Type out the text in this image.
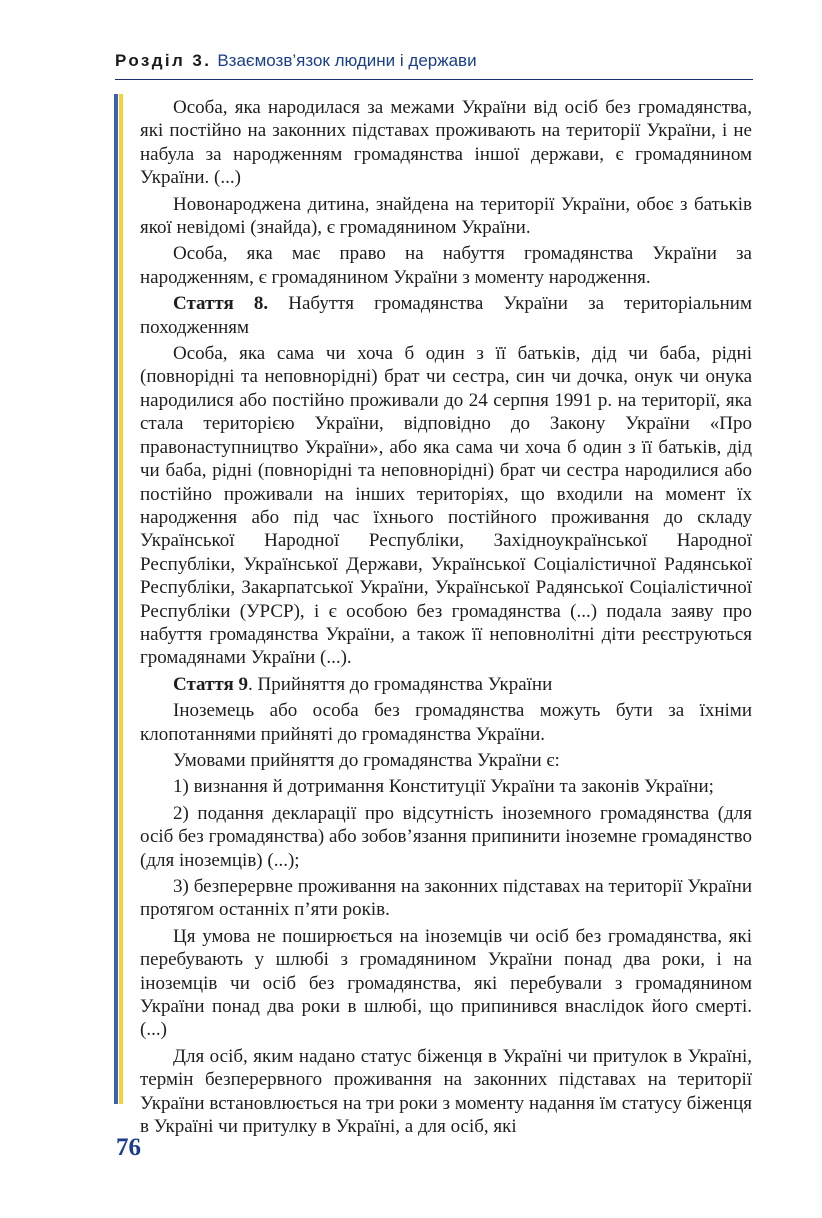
Розділ 3. Взаємозв’язок людини і держави

Особа, яка народилася за межами України від осіб без громадянства, які постійно на законних підставах проживають на території України, і не набула за народженням громадянства іншої держави, є громадянином України. (...)

Новонароджена дитина, знайдена на території України, обоє з батьків якої невідомі (знайда), є громадянином України.

Особа, яка має право на набуття громадянства України за народженням, є громадянином України з моменту народження.

Стаття 8. Набуття громадянства України за територіальним походженням

Особа, яка сама чи хоча б один з її батьків, дід чи баба, рідні (повнорідні та неповнорідні) брат чи сестра, син чи дочка, онук чи онука народилися або постійно проживали до 24 серпня 1991 р. на території, яка стала територією України, відповідно до Закону України «Про правонаступництво України», або яка сама чи хоча б один з її батьків, дід чи баба, рідні (повнорідні та неповнорідні) брат чи сестра народилися або постійно проживали на інших територіях, що входили на момент їх народження або під час їхнього постійного проживання до складу Української Народної Республіки, Західноукраїнської Народної Республіки, Української Держави, Української Соціалістичної Радянської Республіки, Закарпатської України, Української Радянської Соціалістичної Республіки (УРСР), і є особою без громадянства (...) подала заяву про набуття громадянства України, а також її неповнолітні діти реєструються громадянами України (...).

Стаття 9. Прийняття до громадянства України

Іноземець або особа без громадянства можуть бути за їхніми клопотаннями прийняті до громадянства України.

Умовами прийняття до громадянства України є:

1) визнання й дотримання Конституції України та законів України;

2) подання декларації про відсутність іноземного громадянства (для осіб без громадянства) або зобов’язання припинити іноземне громадянство (для іноземців) (...);

3) безперервне проживання на законних підставах на території України протягом останніх п’яти років.

Ця умова не поширюється на іноземців чи осіб без громадянства, які перебувають у шлюбі з громадянином України понад два роки, і на іноземців чи осіб без громадянства, які перебували з громадянином України понад два роки в шлюбі, що припинився внаслідок його смерті. (...)

Для осіб, яким надано статус біженця в Україні чи притулок в Україні, термін безперервного проживання на законних підставах на території України встановлюється на три роки з моменту надання їм статусу біженця в Україні чи притулку в Україні, а для осіб, які

76
